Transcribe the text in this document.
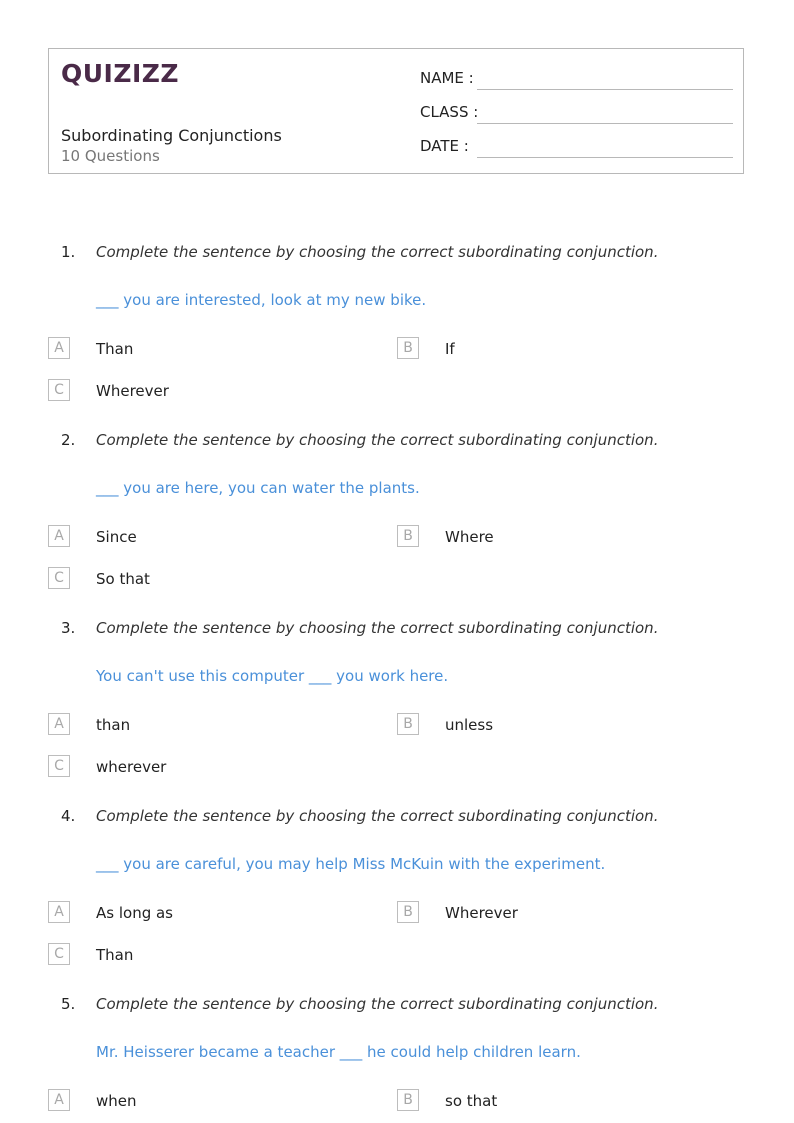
QUIZIZZ
Subordinating Conjunctions
10 Questions
NAME :
CLASS :
DATE :
1. Complete the sentence by choosing the correct subordinating conjunction.
___ you are interested, look at my new bike.
A	Than	B	If
C	Wherever
2. Complete the sentence by choosing the correct subordinating conjunction.
___ you are here, you can water the plants.
A	Since	B	Where
C	So that
3. Complete the sentence by choosing the correct subordinating conjunction.
You can't use this computer ___ you work here.
A	than	B	unless
C	wherever
4. Complete the sentence by choosing the correct subordinating conjunction.
___ you are careful, you may help Miss McKuin with the experiment.
A	As long as	B	Wherever
C	Than
5. Complete the sentence by choosing the correct subordinating conjunction.
Mr. Heisserer became a teacher ___ he could help children learn.
A	when	B	so that
